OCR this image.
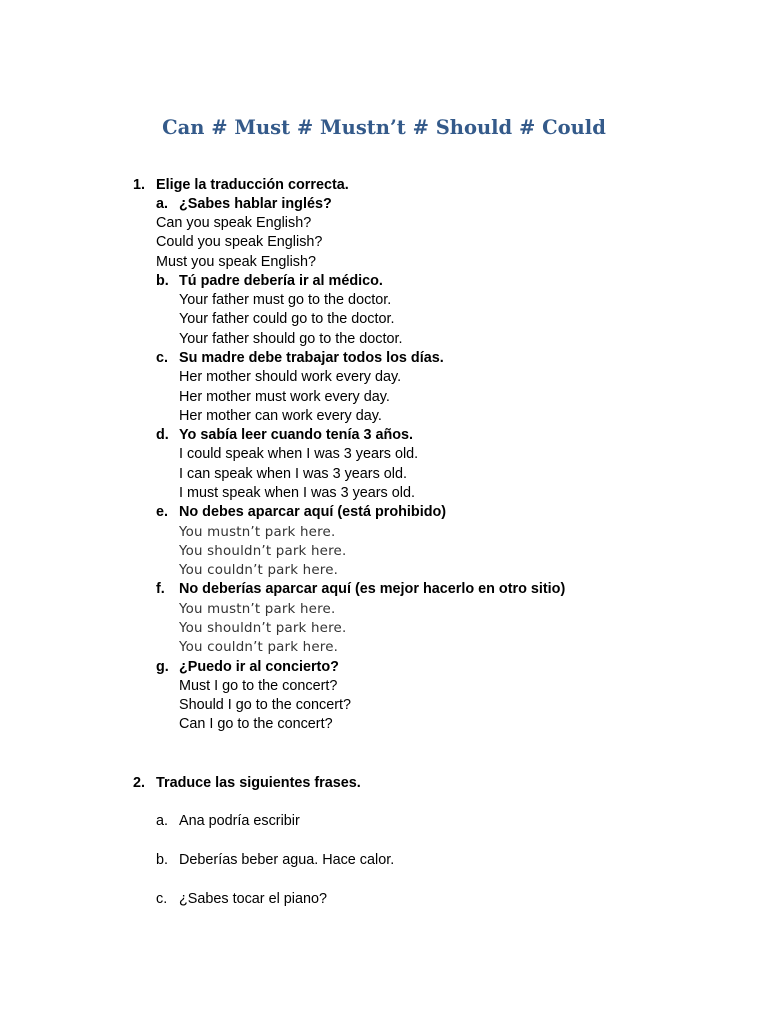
Can # Must # Mustn’t # Should # Could
1. Elige la traducción correcta.
a. ¿Sabes hablar inglés?
Can you speak English?
Could you speak English?
Must you speak English?
b. Tú padre debería ir al médico.
Your father must go to the doctor.
Your father could go to the doctor.
Your father should go to the doctor.
c. Su madre debe trabajar todos los días.
Her mother should work every day.
Her mother must work every day.
Her mother can work every day.
d. Yo sabía leer cuando tenía 3 años.
I could speak when I was 3 years old.
I can speak when I was 3 years old.
I must speak when I was 3 years old.
e. No debes aparcar aquí (está prohibido)
You mustn’t park here.
You shouldn’t park here.
You couldn’t park here.
f. No deberías aparcar aquí (es mejor hacerlo en otro sitio)
You mustn’t park here.
You shouldn’t park here.
You couldn’t park here.
g. ¿Puedo ir al concierto?
Must I go to the concert?
Should I go to the concert?
Can I go to the concert?
2. Traduce las siguientes frases.
a. Ana podría escribir
b. Deberías beber agua. Hace calor.
c. ¿Sabes tocar el piano?
